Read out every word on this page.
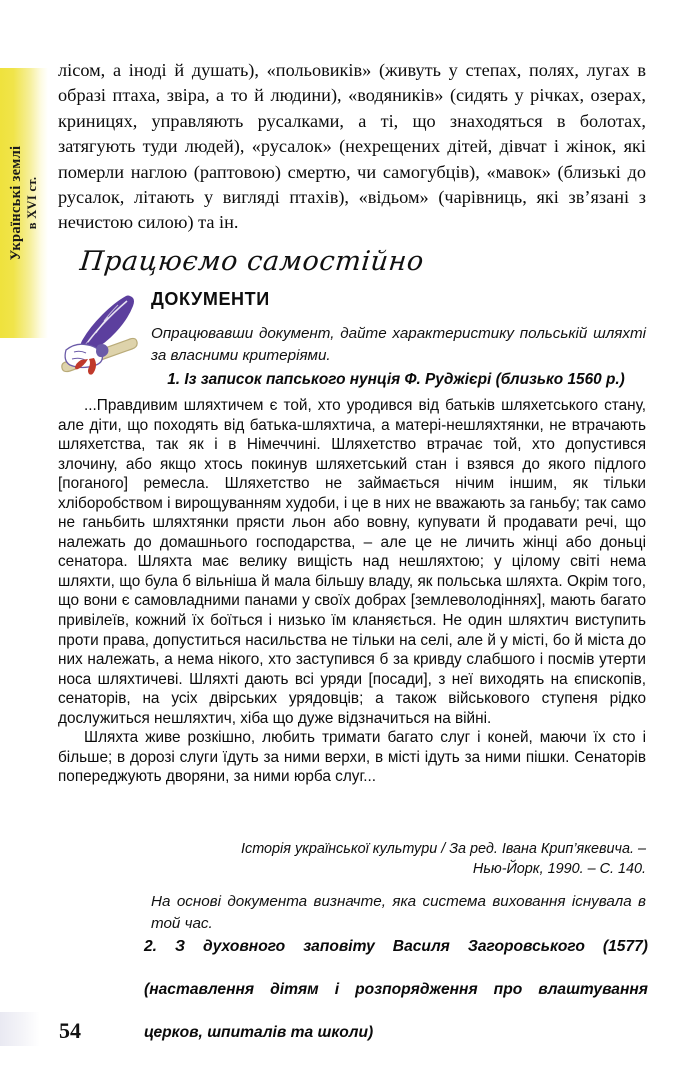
Українські землі
в XVI ст.
лісом, а іноді й душать), «польовиків» (живуть у степах, полях, лугах в образі птаха, звіра, а то й людини), «водяників» (сидять у річках, озерах, криницях, управляють русалками, а ті, що знаходяться в болотах, затягують туди людей), «русалок» (нехрещених дітей, дівчат і жінок, які померли наглою (раптовою) смертю, чи самогубців), «мавок» (близькі до русалок, літають у вигляді птахів), «відьом» (чарівниць, які зв’язані з нечистою силою) та ін.
Працюємо самостійно
ДОКУМЕНТИ
Опрацювавши документ, дайте характеристику польській шляхті за власними критеріями.
1. Із записок папського нунція Ф. Руджієрі (близько 1560 р.)

...Правдивим шляхтичем є той, хто уродився від батьків шляхетського стану, але діти, що походять від батька-шляхтича, а матері-нешляхтянки, не втрачають шляхетства, так як і в Німеччині. Шляхетство втрачає той, хто допустився злочину, або якщо хтось покинув шляхетський стан і взявся до якого підлого [поганого] ремесла. Шляхетство не займається нічим іншим, як тільки хліборобством і вирощуванням худоби, і це в них не вважають за ганьбу; так само не ганьбить шляхтянки прясти льон або вовну, купувати й продавати речі, що належать до домашнього господарства, – але це не личить жінці або доньці сенатора. Шляхта має велику вищість над нешляхтою; у цілому світі нема шляхти, що була б вільніша й мала більшу владу, як польська шляхта. Окрім того, що вони є самовладними панами у своїх добрах [землеволодіннях], мають багато привілеїв, кожний їх боїться і низько їм кланяється. Не один шляхтич виступить проти права, допуститься насильства не тільки на селі, але й у місті, бо й міста до них належать, а нема нікого, хто заступився б за кривду слабшого і посмів утерти носа шляхтичеві. Шляхті дають всі уряди [посади], з неї виходять на єпископів, сенаторів, на усіх двірських урядовців; а також військового ступеня рідко дослужиться нешляхтич, хіба що дуже відзначиться на війні.

Шляхта живе розкішно, любить тримати багато слуг і коней, маючи їх сто і більше; в дорозі слуги їдуть за ними верхи, в місті ідуть за ними пішки. Сенаторів попереджують дворяни, за ними юрба слуг...

Історія української культури / За ред. Івана Крип’якевича. –
Нью-Йорк, 1990. – С. 140.
На основі документа визначте, яка система виховання існувала в той час.
2. З духовного заповіту Василя Загоровського (1577)
(наставлення дітям і розпорядження про влаштування
церков, шпиталів та школи)
54
